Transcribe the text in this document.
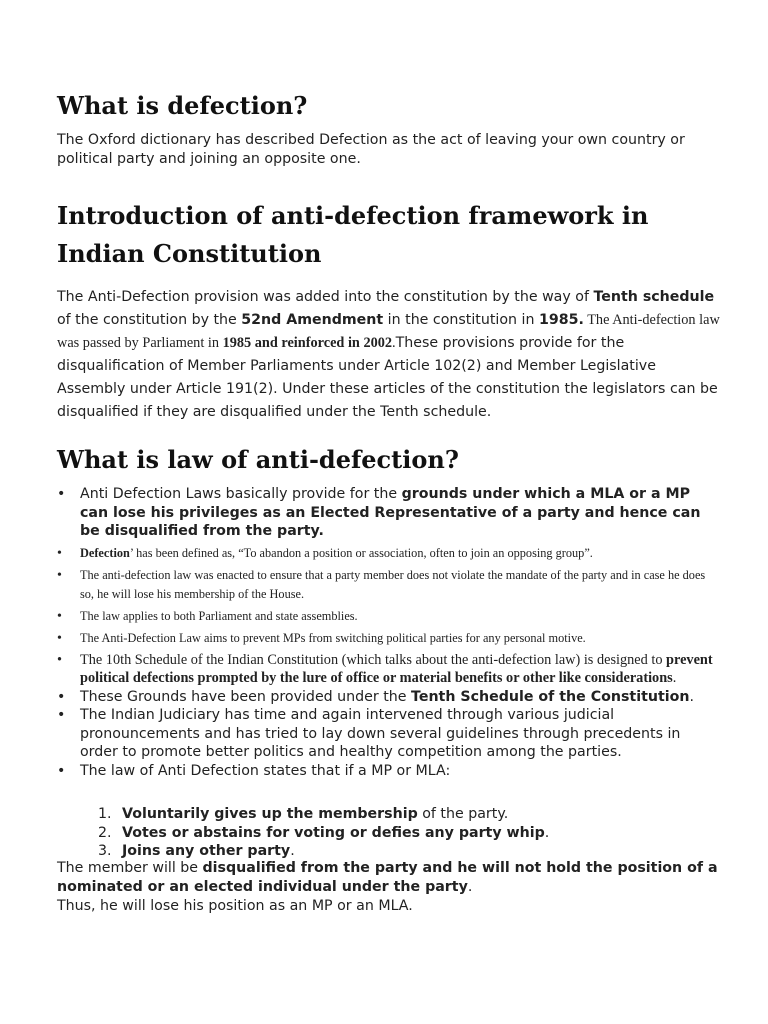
What is defection?

The Oxford dictionary has described Defection as the act of leaving your own country or political party and joining an opposite one.

Introduction of anti-defection framework in Indian Constitution

The Anti-Defection provision was added into the constitution by the way of Tenth schedule of the constitution by the 52nd Amendment in the constitution in 1985. The Anti-defection law was passed by Parliament in 1985 and reinforced in 2002.These provisions provide for the disqualification of Member Parliaments under Article 102(2) and Member Legislative Assembly under Article 191(2). Under these articles of the constitution the legislators can be disqualified if they are disqualified under the Tenth schedule.

What is law of anti-defection?
•	Anti Defection Laws basically provide for the grounds under which a MLA or a MP can lose his privileges as an Elected Representative of a party and hence can be disqualified from the party.
•	Defection’ has been defined as, “To abandon a position or association, often to join an opposing group”.
•	The anti-defection law was enacted to ensure that a party member does not violate the mandate of the party and in case he does so, he will lose his membership of the House.
•	The law applies to both Parliament and state assemblies.
•	The Anti-Defection Law aims to prevent MPs from switching political parties for any personal motive.
•	The 10th Schedule of the Indian Constitution (which talks about the anti-defection law) is designed to prevent political defections prompted by the lure of office or material benefits or other like considerations.
•	These Grounds have been provided under the Tenth Schedule of the Constitution.
•	The Indian Judiciary has time and again intervened through various judicial pronouncements and has tried to lay down several guidelines through precedents in order to promote better politics and healthy competition among the parties.
•	The law of Anti Defection states that if a MP or MLA:
1. Voluntarily gives up the membership of the party.
2. Votes or abstains for voting or defies any party whip.
3. Joins any other party.

The member will be disqualified from the party and he will not hold the position of a nominated or an elected individual under the party.

Thus, he will lose his position as an MP or an MLA.
